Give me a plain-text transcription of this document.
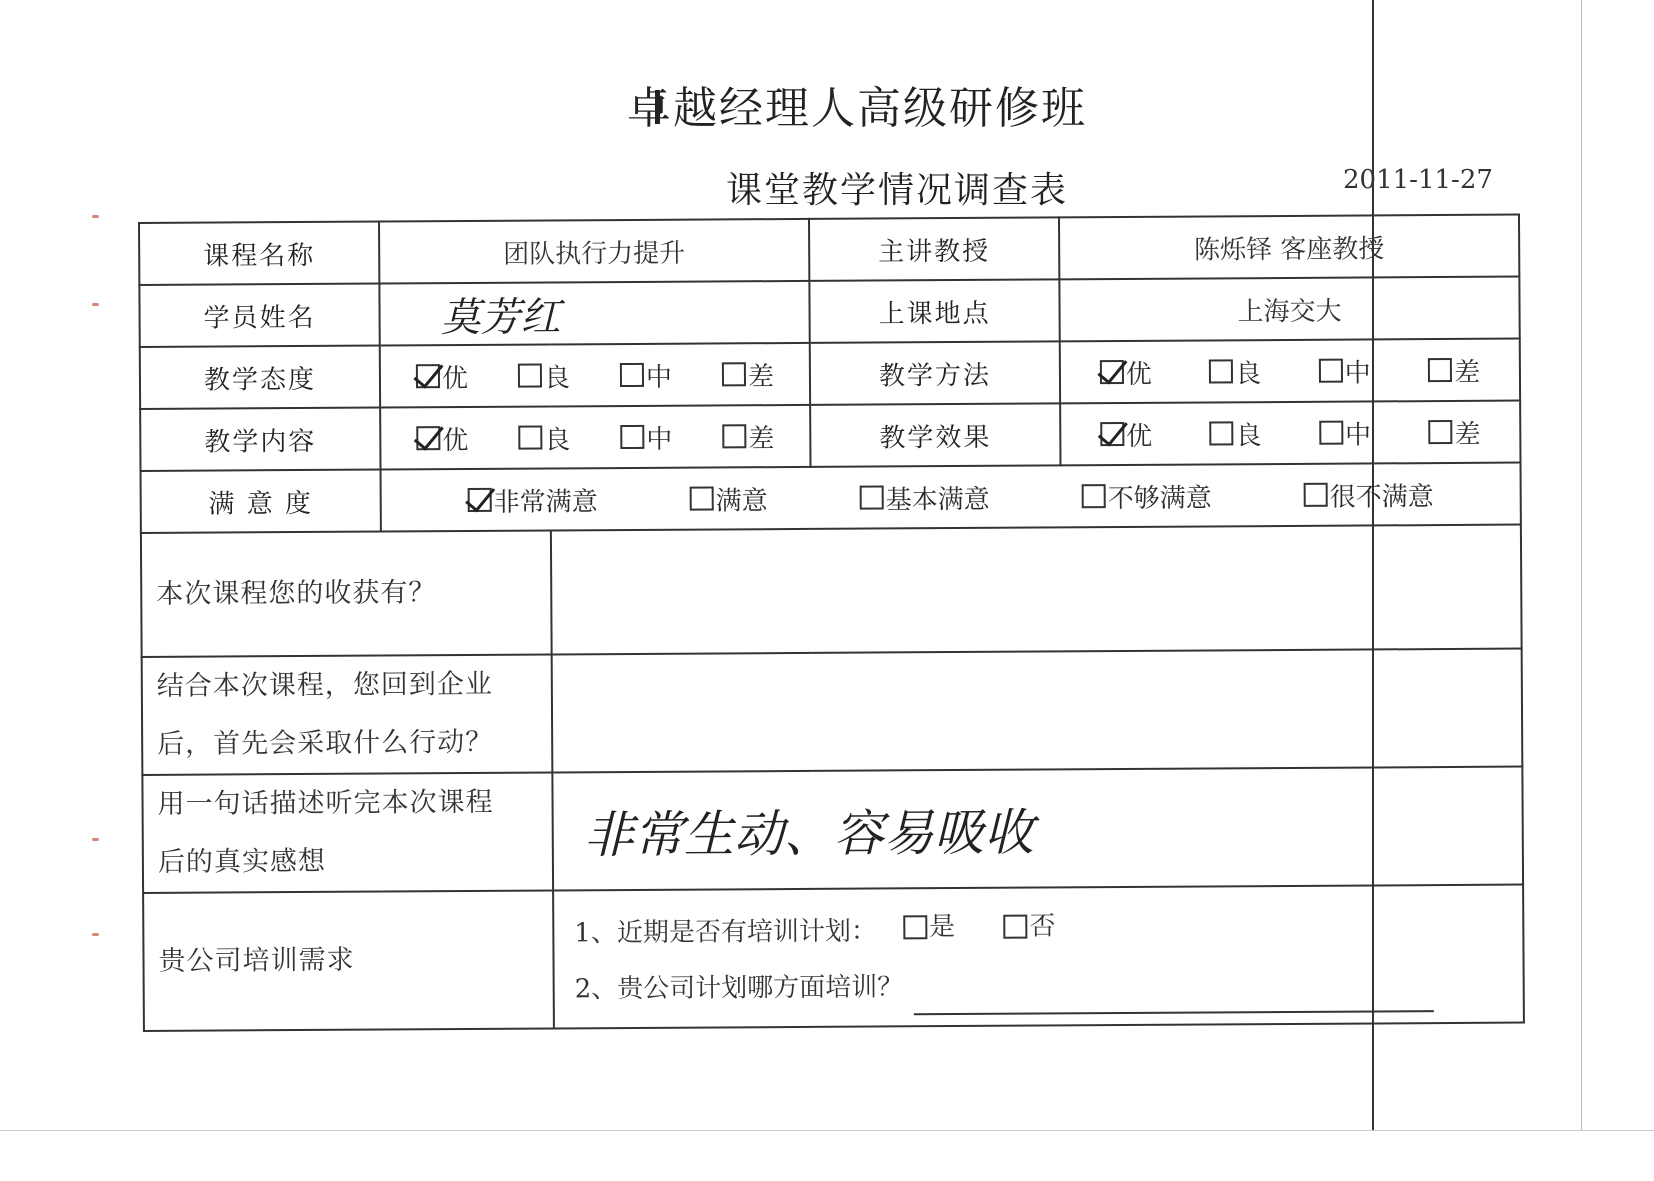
卓越经理人高级研修班
课堂教学情况调查表	2011-11-27
课程名称	团队执行力提升		主讲教授	陈烁铎 客座教授
学员姓名	莫芳红		上课地点	上海交大
教学态度	优 良 中 差		教学方法	优 良 中 差

教学内容	优 良 中 差		教学效果	优 良 中 差

满 意 度	非常满意 满意 基本满意 不够满意 很不满意			

本次课程您的收获有？				

结合本次课程，您回到企业
后，首先会采取什么行动？				

用一句话描述听完本次课程
后的真实感想		非常生动、容易吸收		
贵公司培训需求		1、近期是否有培训计划： 是
否
2、贵公司计划哪方面培训？		
